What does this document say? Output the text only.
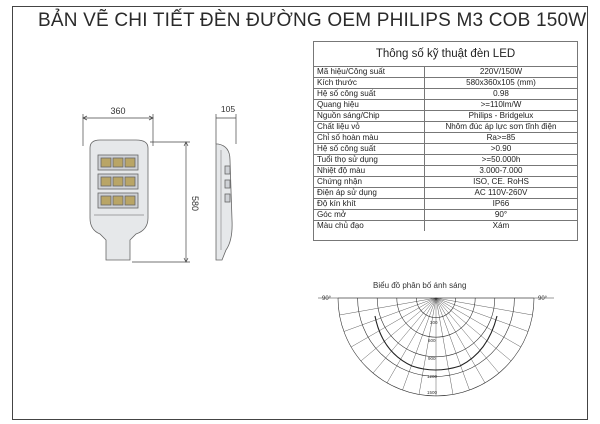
BẢN VẼ CHI TIẾT ĐÈN ĐƯỜNG OEM PHILIPS M3 COB 150W
360
580
105
Thông số kỹ thuật đèn LED
Mã hiệu/Công suất	220V/150W
Kích thước	580x360x105 (mm)
Hệ số công suất	0.98
Quang hiệu	>=110lm/W
Nguồn sáng/Chip	Philips - Bridgelux
Chất liệu vỏ	Nhôm đúc áp lực sơn tĩnh điện
Chỉ số hoàn màu	Ra>=85
Hệ số công suất	>0.90
Tuổi thọ sử dụng	>=50.000h
Nhiệt độ màu	3.000-7.000
Chứng nhận	ISO, CE. RoHS
Điện áp sử dụng	AC 110V-260V
Độ kín khít	IP66
Góc mở	90°
Màu chủ đạo	Xám
Biểu đồ phân bố ánh sáng
90°	90°
300
600
900
1200
1500
